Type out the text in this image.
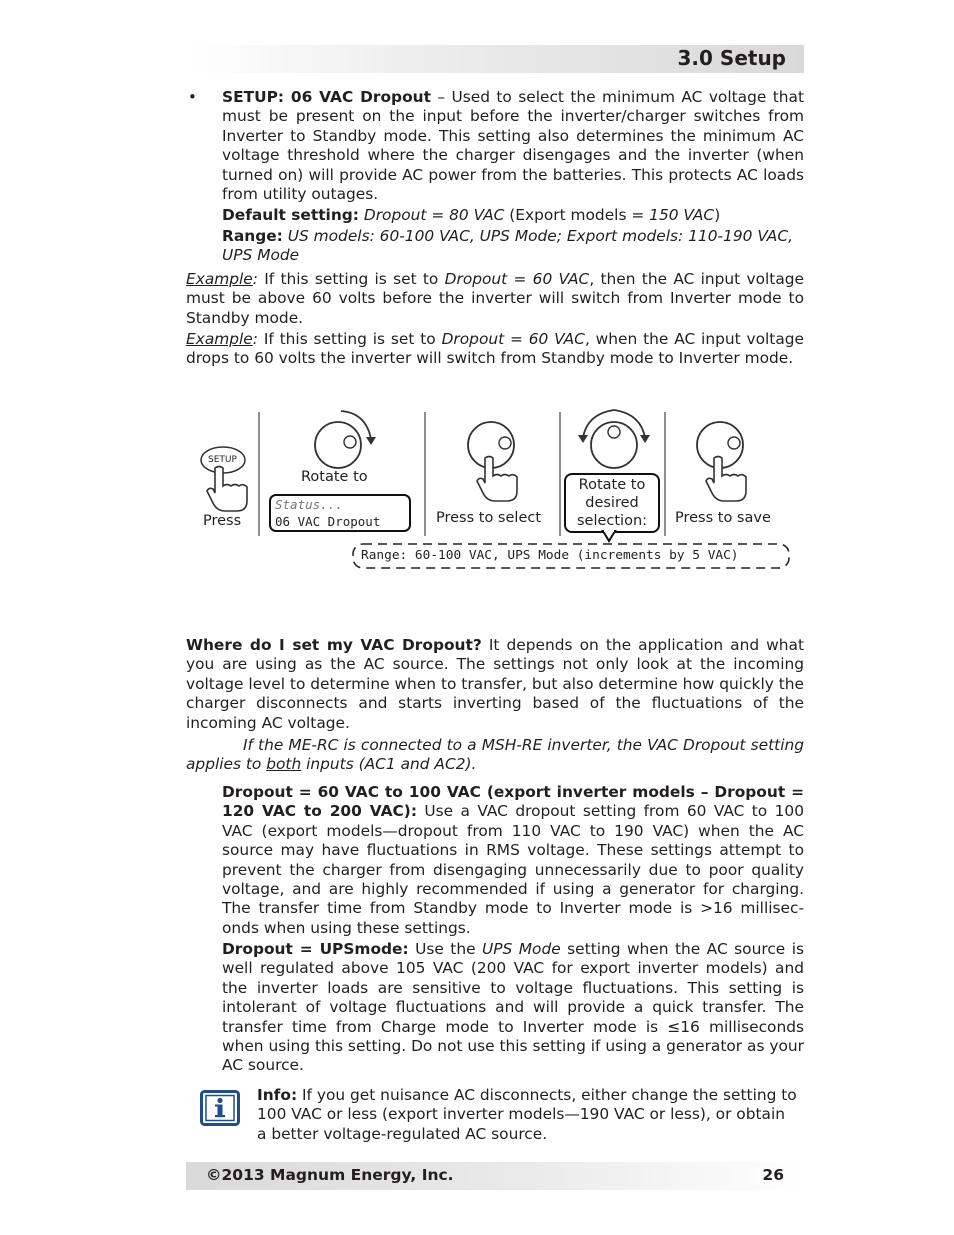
3.0 Setup
• SETUP: 06 VAC Dropout – Used to select the minimum AC voltage that must be present on the input before the inverter/charger switches from Inverter to Standby mode. This setting also determines the minimum AC voltage threshold where the charger disengages and the inverter (when turned on) will provide AC power from the batteries. This protects AC loads from utility outages.
Default setting: Dropout = 80 VAC (Export models = 150 VAC)
Range: US models: 60-100 VAC, UPS Mode; Export models: 110-190 VAC, UPS Mode
Example: If this setting is set to Dropout = 60 VAC, then the AC input voltage must be above 60 volts before the inverter will switch from Inverter mode to Standby mode.
Example: If this setting is set to Dropout = 60 VAC, when the AC input voltage drops to 60 volts the inverter will switch from Standby mode to Inverter mode.
SETUP
Press
Rotate to
Status...
06 VAC Dropout	Press to select
Rotate to
desired
selection:	Press to save
Range: 60-100 VAC, UPS Mode (increments by 5 VAC)
Where do I set my VAC Dropout? It depends on the application and what you are using as the AC source. The settings not only look at the incoming voltage level to determine when to transfer, but also determine how quickly the charger disconnects and starts inverting based of the fluctuations of the incoming AC voltage.
If the ME-RC is connected to a MSH-RE inverter, the VAC Dropout setting applies to both inputs (AC1 and AC2).
Dropout = 60 VAC to 100 VAC (export inverter models – Dropout = 120 VAC to 200 VAC): Use a VAC dropout setting from 60 VAC to 100 VAC (export models—dropout from 110 VAC to 190 VAC) when the AC source may have fluctuations in RMS voltage. These settings attempt to prevent the charger from disengaging unnecessarily due to poor quality voltage, and are highly recommended if using a generator for charging. The transfer time from Standby mode to Inverter mode is >16 millisec-onds when using these settings.
Dropout = UPSmode: Use the UPS Mode setting when the AC source is well regulated above 105 VAC (200 VAC for export inverter models) and the inverter loads are sensitive to voltage fluctuations. This setting is intolerant of voltage fluctuations and will provide a quick transfer. The transfer time from Charge mode to Inverter mode is ≤16 milliseconds when using this setting. Do not use this setting if using a generator as your AC source.
Info: If you get nuisance AC disconnects, either change the setting to 100 VAC or less (export inverter models—190 VAC or less), or obtain a better voltage-regulated AC source.
©2013 Magnum Energy, Inc.	26
